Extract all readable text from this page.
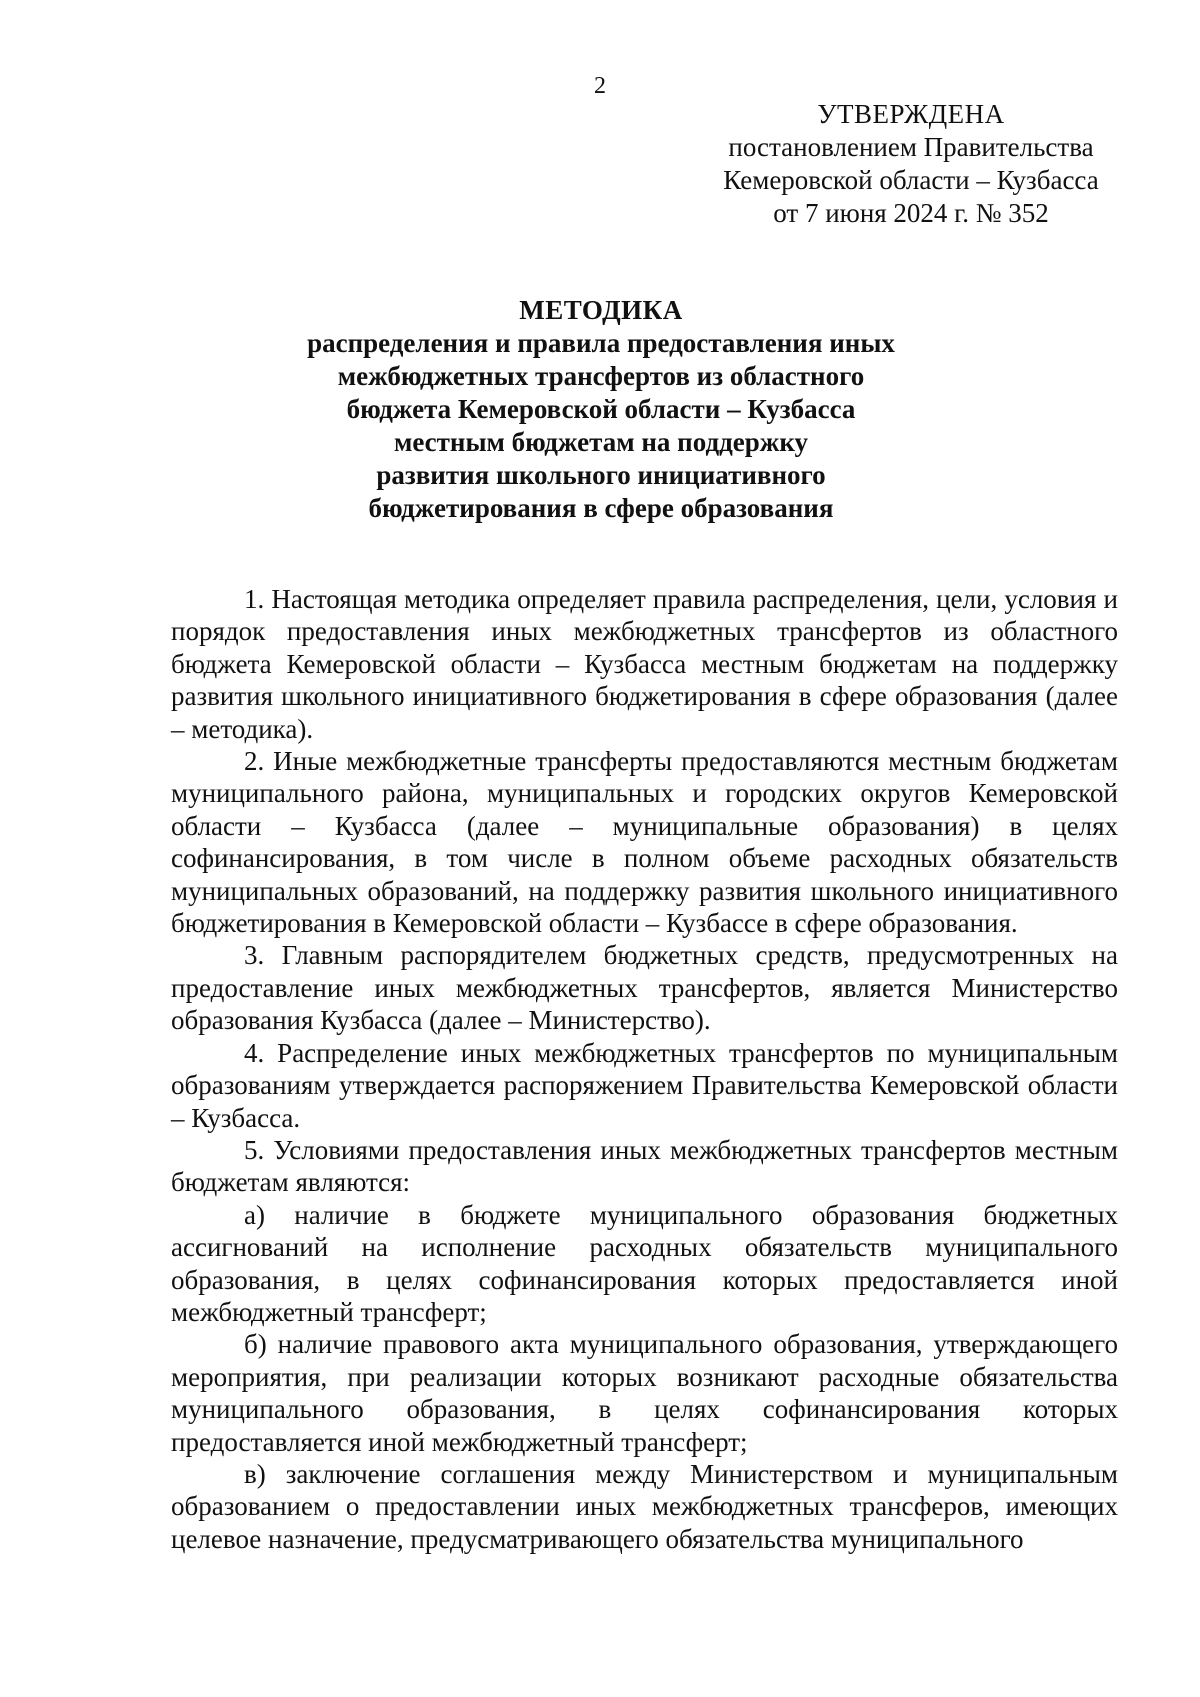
2
УТВЕРЖДЕНА
постановлением Правительства
Кемеровской области – Кузбасса
от 7 июня 2024 г. № 352
МЕТОДИКА
распределения и правила предоставления иных
межбюджетных трансфертов из областного
бюджета Кемеровской области – Кузбасса
местным бюджетам на поддержку
развития школьного инициативного
бюджетирования в сфере образования

1. Настоящая методика определяет правила распределения, цели, условия и порядок предоставления иных межбюджетных трансфертов из областного бюджета Кемеровской области – Кузбасса местным бюджетам на поддержку развития школьного инициативного бюджетирования в сфере образования (далее – методика).

2. Иные межбюджетные трансферты предоставляются местным бюджетам муниципального района, муниципальных и городских округов Кемеровской области – Кузбасса (далее – муниципальные образования) в целях софинансирования, в том числе в полном объеме расходных обязательств муниципальных образований, на поддержку развития школьного инициативного бюджетирования в Кемеровской области – Кузбассе в сфере образования.

3. Главным распорядителем бюджетных средств, предусмотренных на предоставление иных межбюджетных трансфертов, является Министерство образования Кузбасса (далее – Министерство).

4. Распределение иных межбюджетных трансфертов по муниципальным образованиям утверждается распоряжением Правительства Кемеровской области – Кузбасса.

5. Условиями предоставления иных межбюджетных трансфертов местным бюджетам являются:

а) наличие в бюджете муниципального образования бюджетных ассигнований на исполнение расходных обязательств муниципального образования, в целях софинансирования которых предоставляется иной межбюджетный трансферт;

б) наличие правового акта муниципального образования, утверждающего мероприятия, при реализации которых возникают расходные обязательства муниципального образования, в целях софинансирования которых предоставляется иной межбюджетный трансферт;

в) заключение соглашения между Министерством и муниципальным образованием о предоставлении иных межбюджетных трансферов, имеющих целевое назначение, предусматривающего обязательства муниципального
